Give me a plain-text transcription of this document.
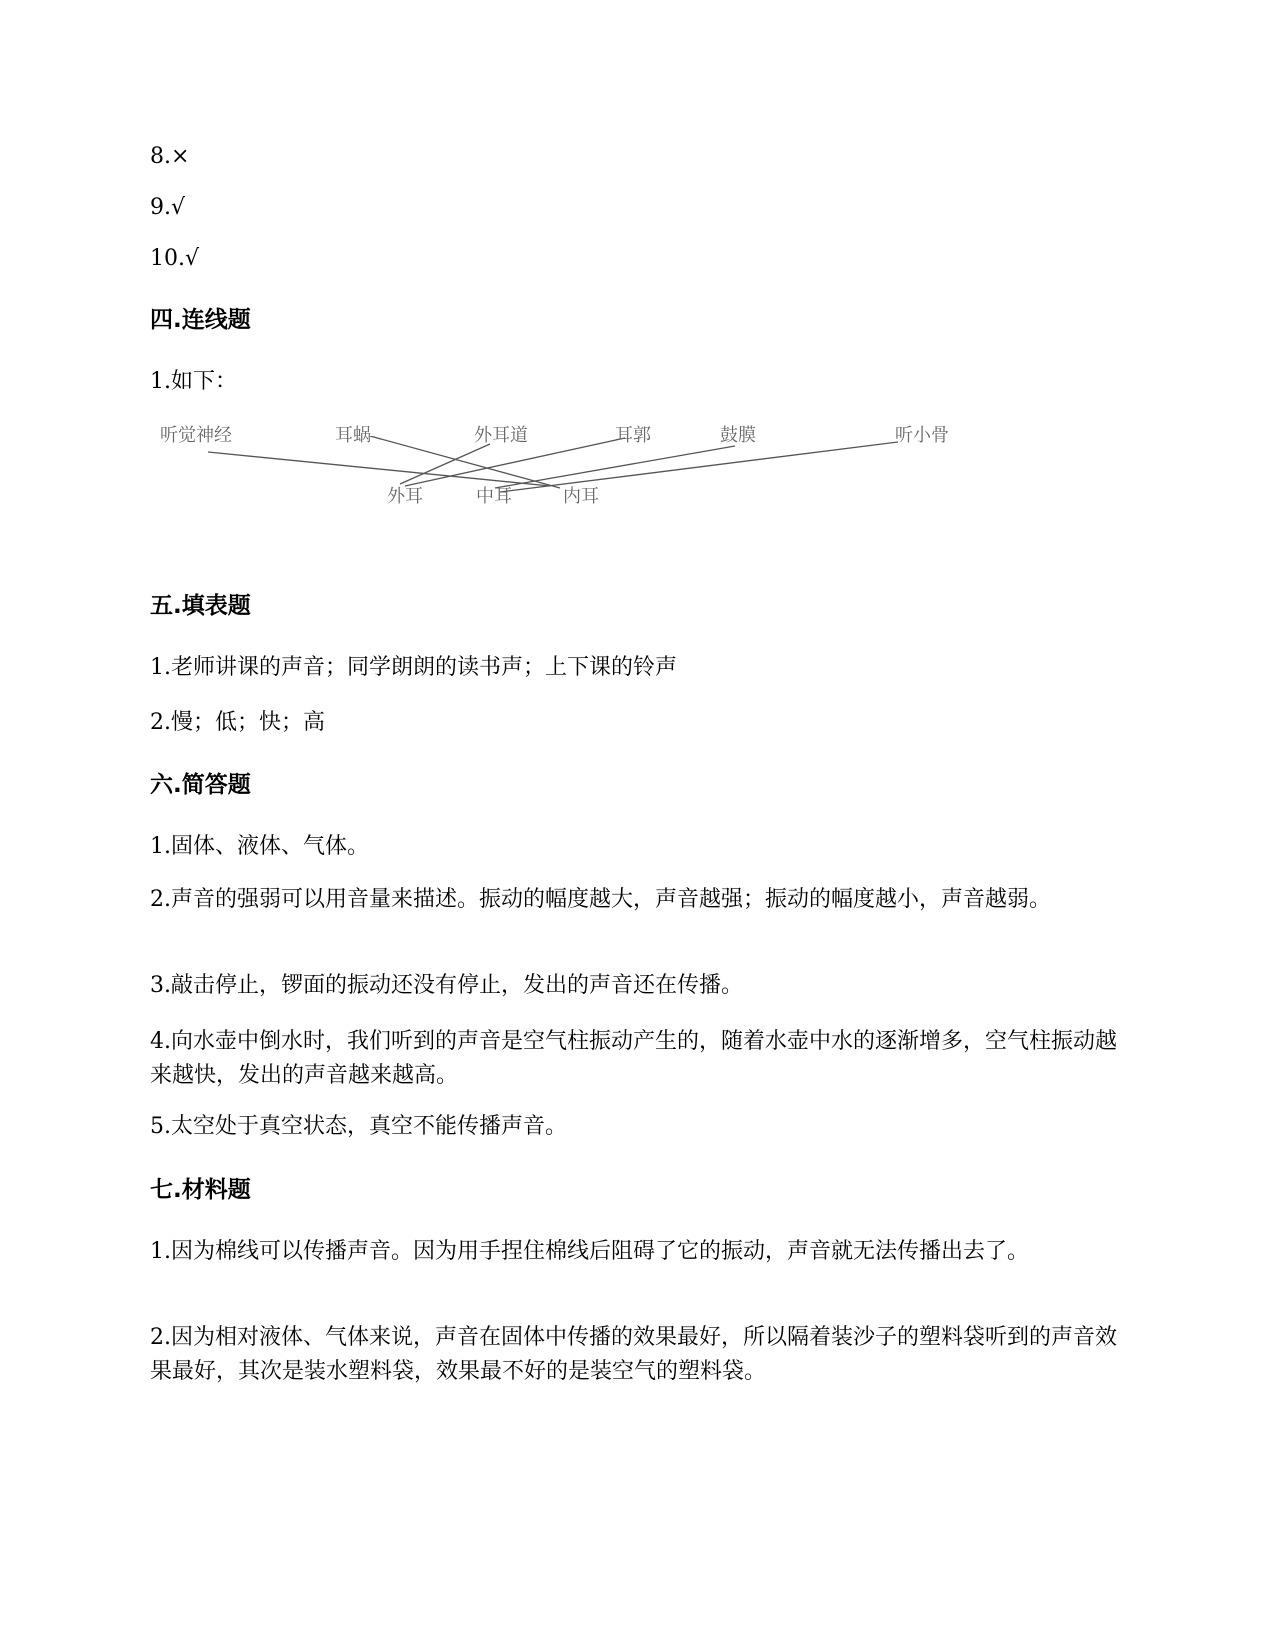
8.×
9.√
10.√
四.连线题
1.如下：
听觉神经	耳蜗	外耳道	耳郭	鼓膜	听小骨
外耳	中耳	内耳
五.填表题
1.老师讲课的声音；同学朗朗的读书声；上下课的铃声
2.慢；低；快；高
六.简答题
1.固体、液体、气体。
2.声音的强弱可以用音量来描述。振动的幅度越大，声音越强；振动的幅度越小，声音越弱。
3.敲击停止，锣面的振动还没有停止，发出的声音还在传播。
4.向水壶中倒水时，我们听到的声音是空气柱振动产生的，随着水壶中水的逐渐增多，空气柱振动越来越快，发出的声音越来越高。
5.太空处于真空状态，真空不能传播声音。
七.材料题
1.因为棉线可以传播声音。因为用手捏住棉线后阻碍了它的振动，声音就无法传播出去了。
2.因为相对液体、气体来说，声音在固体中传播的效果最好，所以隔着装沙子的塑料袋听到的声音效果最好，其次是装水塑料袋，效果最不好的是装空气的塑料袋。
